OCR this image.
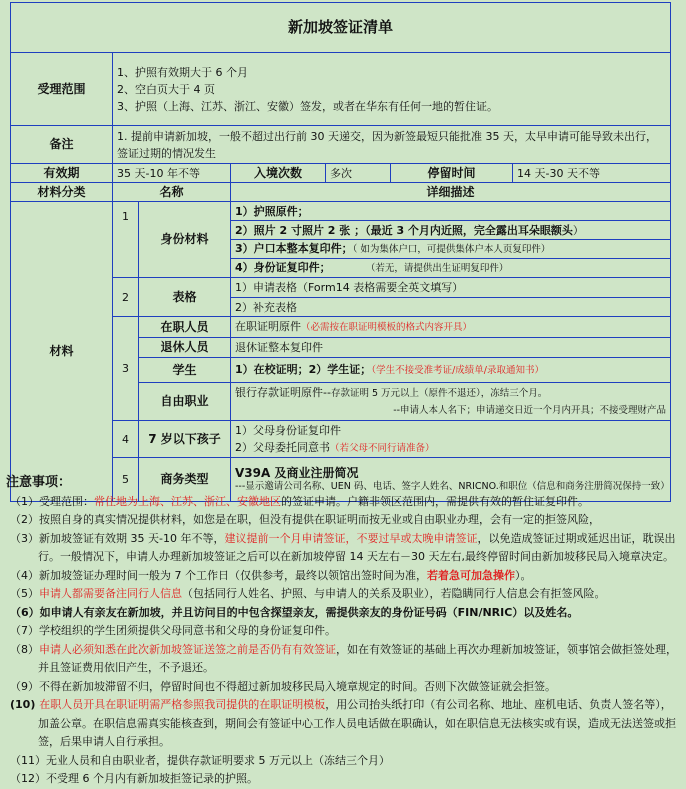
新加坡签证清单						
受理范围	1、护照有效期大于 6 个月
2、空白页大于 4 页
3、护照（上海、江苏、浙江、安徽）签发，或者在华东有任何一地的暂住证。					

备注	1. 提前申请新加坡，一般不超过出行前 30 天递交，因为新签最短只能批准 35 天，太早申请可能导致未出行，签证过期的情况发生					
有效期	35 天-10 年不等		入境次数	多次	停留时间	14 天-30 天不等
材料分类	名称		详细描述			
材料	1	身份材料	1）护照原件；			
			2）照片 2 寸照片 2 张 ；（最近 3 个月内近照，完全露出耳朵眼额头）			
			3）户口本整本复印件；（ 如为集体户口，可提供集体户本人页复印件）			
			4）身份证复印件； （若无，请提供出生证明复印件）			
	2	表格	1）申请表格（Form14 表格需要全英文填写）			
			2）补充表格			
	3	在职人员	在职证明原件（必需按在职证明模板的格式内容开具）			
		退休人员	退休证整本复印件			
		学生	1）在校证明；2）学生证；（学生不接受准考证/成绩单/录取通知书）			
		自由职业	银行存款证明原件--存款证明 5 万元以上（原件不退还），冻结三个月。
--申请人本人名下；申请递交日近一个月内开具；不接受理财产品			

	4	7 岁以下孩子	1）父母身份证复印件
2）父母委托同意书（若父母不同行请准备）			

	5	商务类型	V39A 及商业注册简况
---显示邀请公司名称、UEN 码、电话、签字人姓名、NRICNO.和职位（信息和商务注册简况保持一致）			
注意事项：
（1）受理范围：常住地为上海、江苏、浙江、安徽地区的签证申请。户籍非领区范围内，需提供有效的暂住证复印件。
（2）按照自身的真实情况提供材料，如您是在职，但没有提供在职证明而按无业或自由职业办理，会有一定的拒签风险，
（3）新加坡签证有效期 35 天-10 年不等，建议提前一个月申请签证，不要过早或太晚申请签证，以免造成签证过期或延迟出证，耽误出行。一般情况下，申请人办理新加坡签证之后可以在新加坡停留 14 天左右－30 天左右,最终停留时间由新加坡移民局入境章决定。
（4）新加坡签证办理时间一般为 7 个工作日（仅供参考，最终以领馆出签时间为准，若着急可加急操作）。
（5）申请人都需要备注同行人信息（包括同行人姓名、护照、与申请人的关系及职业），若隐瞒同行人信息会有拒签风险。
（6）如申请人有亲友在新加坡，并且访问目的中包含探望亲友，需提供亲友的身份证号码（FIN/NRIC）以及姓名。
（7）学校组织的学生团须提供父母同意书和父母的身份证复印件。
（8）申请人必须知悉在此次新加坡签证送签之前是否仍有有效签证，如在有效签证的基础上再次办理新加坡签证，领事馆会做拒签处理，并且签证费用依旧产生，不予退还。
（9）不得在新加坡滞留不归，停留时间也不得超过新加坡移民局入境章规定的时间。否则下次做签证就会拒签。
(10) 在职人员开具在职证明需严格参照我司提供的在职证明模板，用公司抬头纸打印（有公司名称、地址、座机电话、负责人签名等），加盖公章。在职信息需真实能核查到，期间会有签证中心工作人员电话做在职确认，如在职信息无法核实或有误，造成无法送签或拒签，后果申请人自行承担。
（11）无业人员和自由职业者，提供存款证明要求 5 万元以上（冻结三个月）
（12）不受理 6 个月内有新加坡拒签记录的护照。
